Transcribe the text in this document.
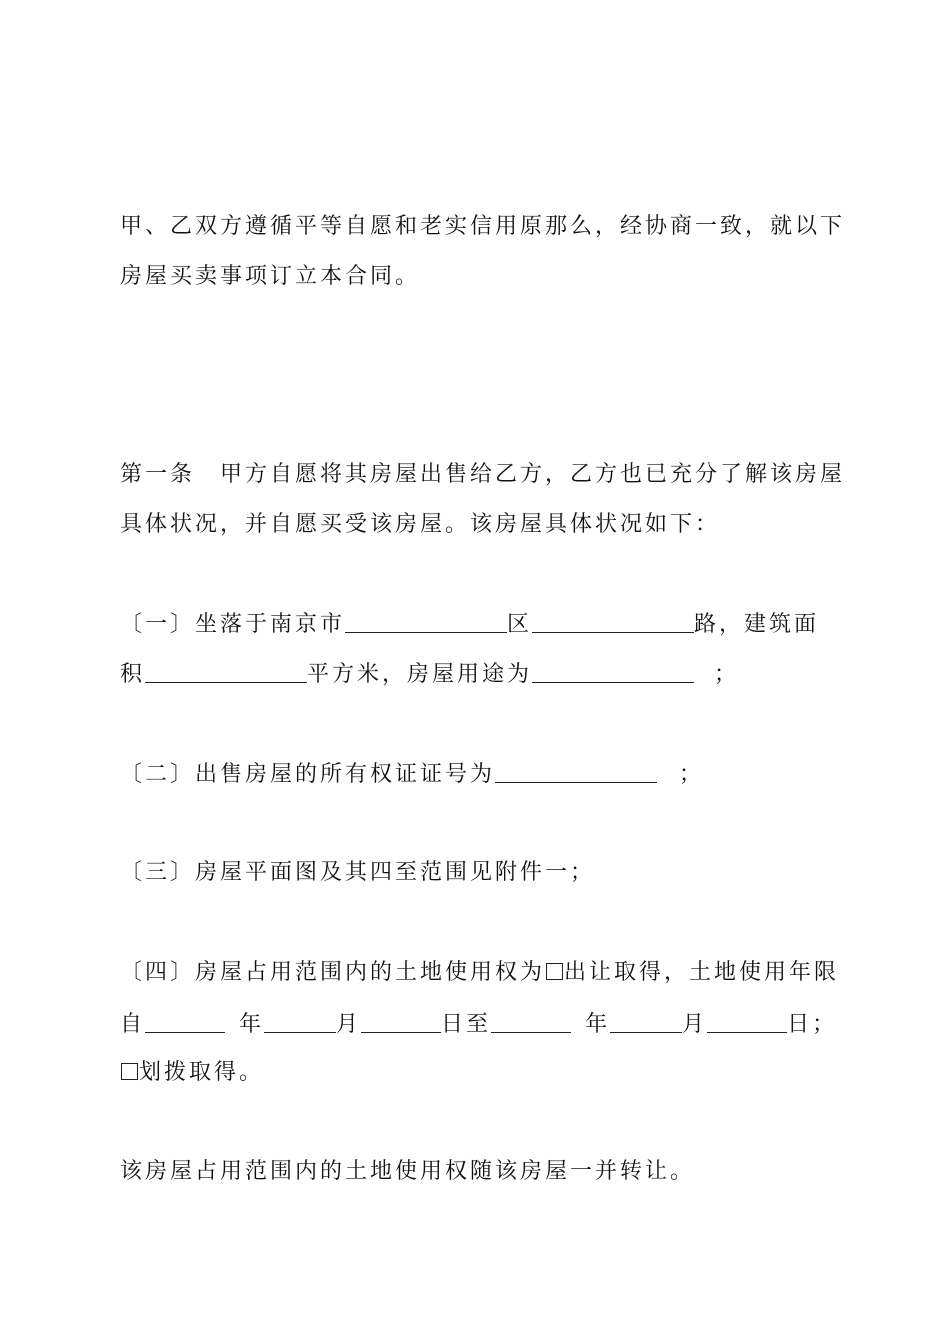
甲、乙双方遵循平等自愿和老实信用原那么，经协商一致，就以下
房屋买卖事项订立本合同。
第一条　甲方自愿将其房屋出售给乙方，乙方也已充分了解该房屋
具体状况，并自愿买受该房屋。该房屋具体状况如下：
〔一〕坐落于南京市	区	路，建筑面
积	平方米，房屋用途为	；
〔二〕出售房屋的所有权证证号为	；
〔三〕房屋平面图及其四至范围见附件一；
〔四〕房屋占用范围内的土地使用权为 出让取得，土地使用年限
自	年	月	日至	年	月	日；
划拨取得。
该房屋占用范围内的土地使用权随该房屋一并转让。
